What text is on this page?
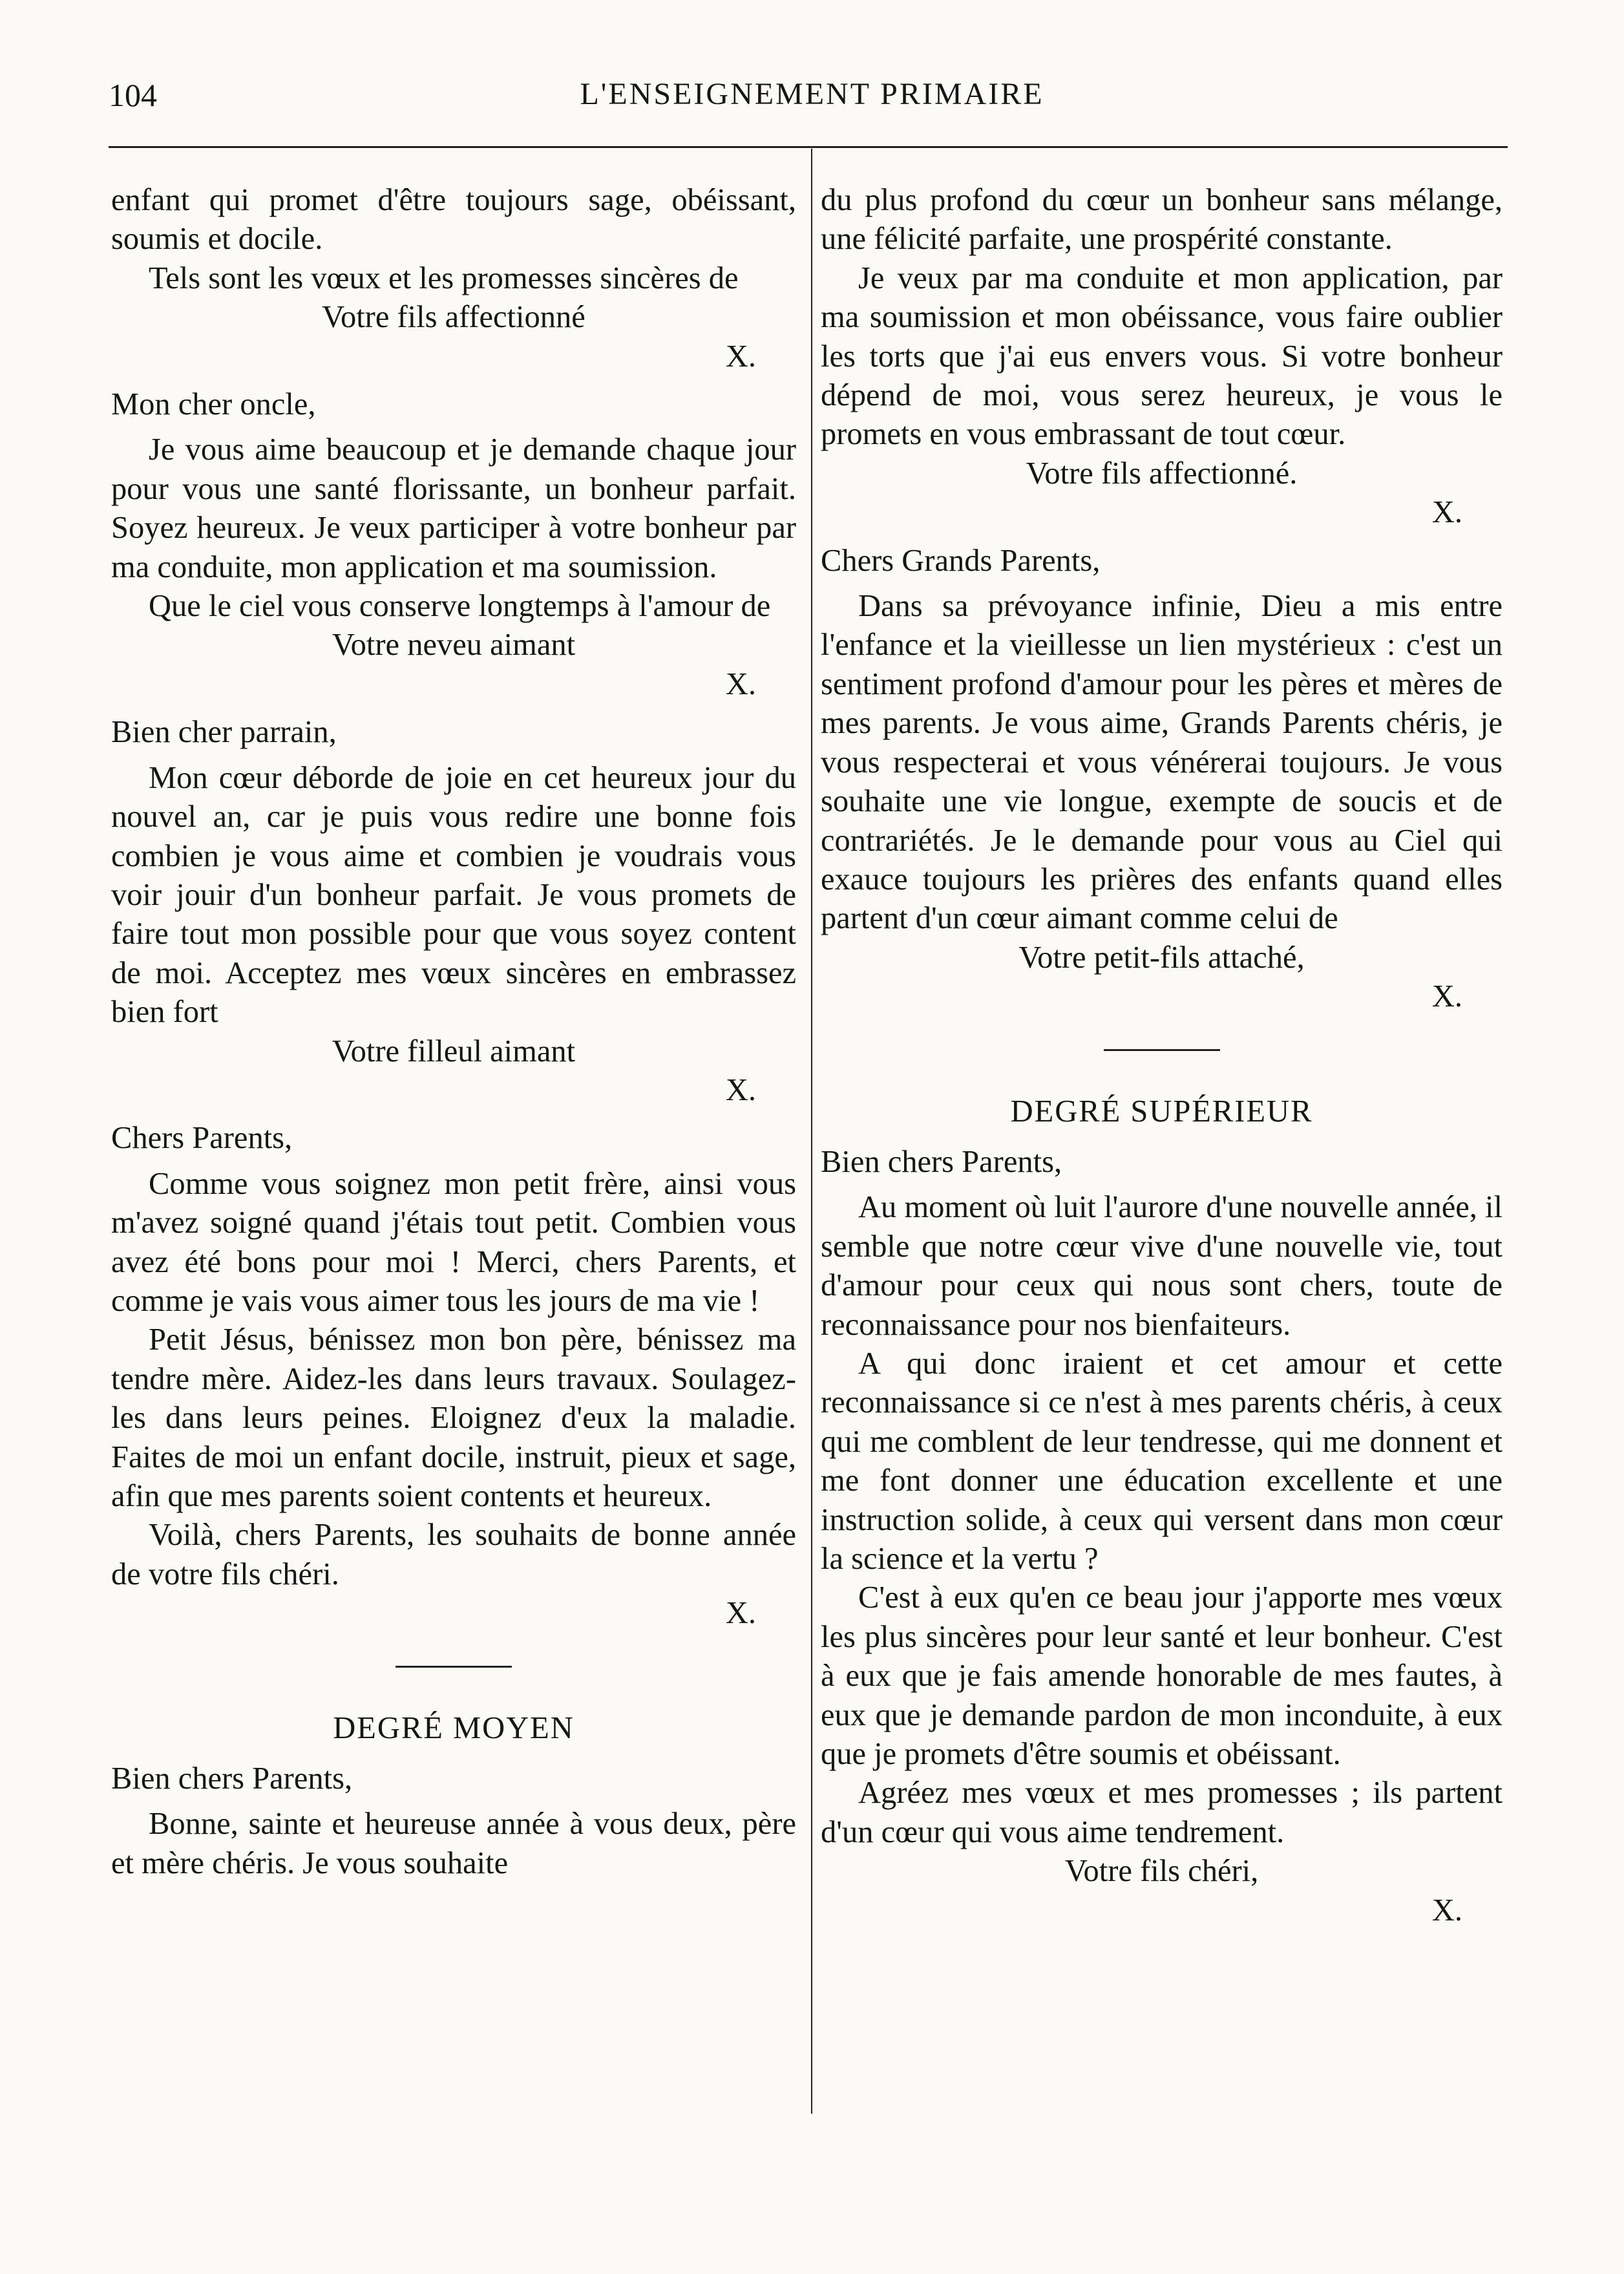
104	L'ENSEIGNEMENT PRIMAIRE

enfant qui promet d'être toujours sage, obéissant, soumis et docile.

Tels sont les vœux et les promesses sincères de

Votre fils affectionné

X.

Mon cher oncle,

Je vous aime beaucoup et je demande chaque jour pour vous une santé florissante, un bonheur parfait. Soyez heureux. Je veux participer à votre bonheur par ma conduite, mon application et ma soumission.

Que le ciel vous conserve longtemps à l'amour de

Votre neveu aimant

X.

Bien cher parrain,

Mon cœur déborde de joie en cet heureux jour du nouvel an, car je puis vous redire une bonne fois combien je vous aime et combien je voudrais vous voir jouir d'un bonheur parfait. Je vous promets de faire tout mon possible pour que vous soyez content de moi. Acceptez mes vœux sincères en embrassez bien fort

Votre filleul aimant

X.

Chers Parents,

Comme vous soignez mon petit frère, ainsi vous m'avez soigné quand j'étais tout petit. Combien vous avez été bons pour moi ! Merci, chers Parents, et comme je vais vous aimer tous les jours de ma vie !

Petit Jésus, bénissez mon bon père, bénissez ma tendre mère. Aidez-les dans leurs travaux. Soulagez-les dans leurs peines. Eloignez d'eux la maladie. Faites de moi un enfant docile, instruit, pieux et sage, afin que mes parents soient contents et heureux.

Voilà, chers Parents, les souhaits de bonne année de votre fils chéri.

X.

DEGRÉ MOYEN

Bien chers Parents,

Bonne, sainte et heureuse année à vous deux, père et mère chéris. Je vous souhaite

du plus profond du cœur un bonheur sans mélange, une félicité parfaite, une prospérité constante.

Je veux par ma conduite et mon application, par ma soumission et mon obéissance, vous faire oublier les torts que j'ai eus envers vous. Si votre bonheur dépend de moi, vous serez heureux, je vous le promets en vous embrassant de tout cœur.

Votre fils affectionné.

X.

Chers Grands Parents,

Dans sa prévoyance infinie, Dieu a mis entre l'enfance et la vieillesse un lien mystérieux : c'est un sentiment profond d'amour pour les pères et mères de mes parents. Je vous aime, Grands Parents chéris, je vous respecterai et vous vénérerai toujours. Je vous souhaite une vie longue, exempte de soucis et de contrariétés. Je le demande pour vous au Ciel qui exauce toujours les prières des enfants quand elles partent d'un cœur aimant comme celui de

Votre petit-fils attaché,

X.

DEGRÉ SUPÉRIEUR

Bien chers Parents,

Au moment où luit l'aurore d'une nouvelle année, il semble que notre cœur vive d'une nouvelle vie, tout d'amour pour ceux qui nous sont chers, toute de reconnaissance pour nos bienfaiteurs.

A qui donc iraient et cet amour et cette reconnaissance si ce n'est à mes parents chéris, à ceux qui me comblent de leur tendresse, qui me donnent et me font donner une éducation excellente et une instruction solide, à ceux qui versent dans mon cœur la science et la vertu ?

C'est à eux qu'en ce beau jour j'apporte mes vœux les plus sincères pour leur santé et leur bonheur. C'est à eux que je fais amende honorable de mes fautes, à eux que je demande pardon de mon inconduite, à eux que je promets d'être soumis et obéissant.

Agréez mes vœux et mes promesses ; ils partent d'un cœur qui vous aime tendrement.

Votre fils chéri,

X.
